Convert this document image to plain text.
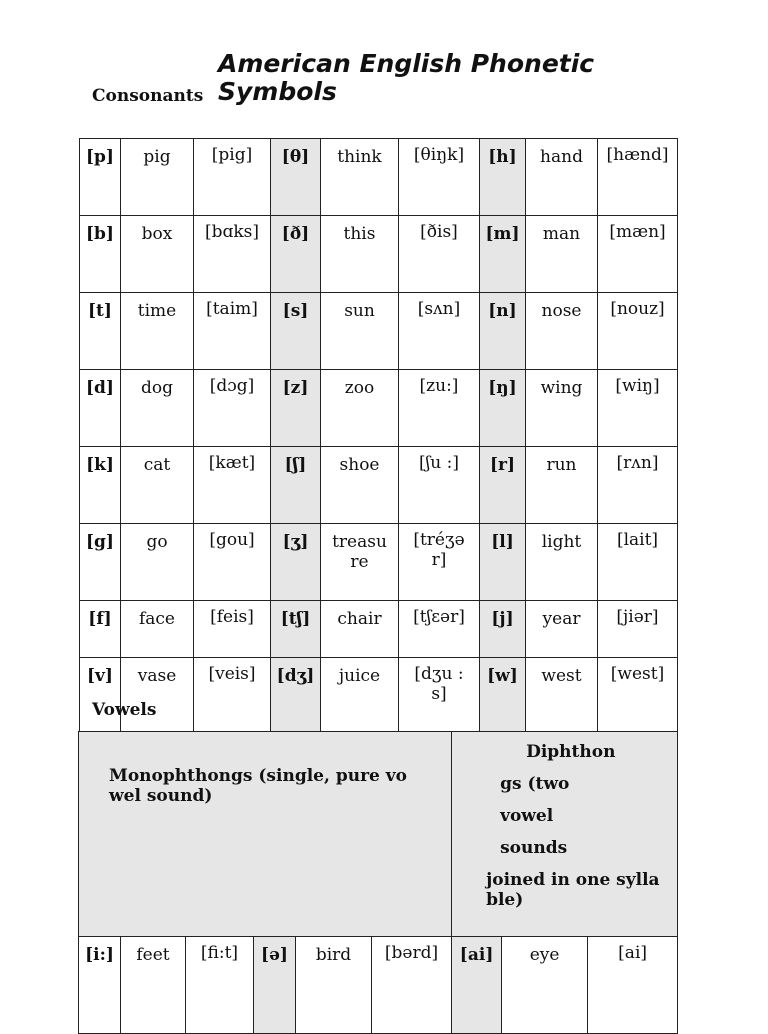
American English Phonetic Symbols
Consonants
[p]	pig	[pig]	[θ]	think	[θiŋk]	[h]	hand	[hænd]
[b]	box	[bɑks]	[ð]	this	[ðis]	[m]	man	[mæn]
[t]	time	[taim]	[s]	sun	[sʌn]	[n]	nose	[nouz]
[d]	dog	[dɔg]	[z]	zoo	[zu:]	[ŋ]	wing	[wiŋ]
[k]	cat	[kæt]	[ʃ]	shoe	[ʃu :]	[r]	run	[rʌn]
[g]	go	[gou]	[ʒ]	treasure	[tréʒər]	[l]	light	[lait]
[f]	face	[feis]	[tʃ]	chair	[tʃɛər]	[j]	year	[jiər]
[v]	vase	[veis]	[dʒ]	juice	[dʒu : s]	[w]	west	[west]
Vowels
Monophthongs (single, pure vowel sound)						Diphthon
gs (two
vowel
sounds
joined in one syllable)		

[i:]	feet	[fi:t]	[ə]	bird	[bərd]	[ai]	eye	[ai]
